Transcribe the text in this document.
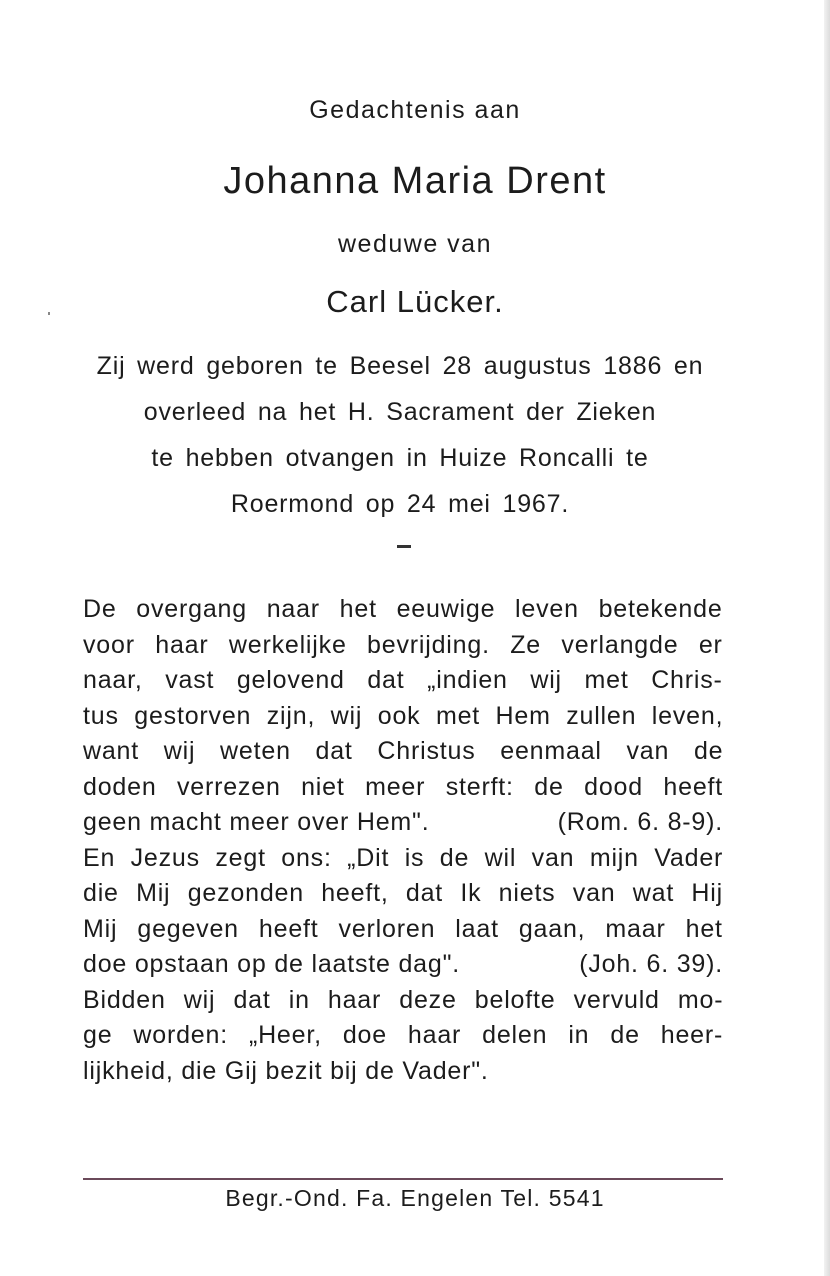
Gedachtenis aan
Johanna Maria Drent
weduwe van
Carl Lücker.
Zij werd geboren te Beesel 28 augustus 1886 en
overleed na het H. Sacrament der Zieken
te hebben otvangen in Huize Roncalli te
Roermond op 24 mei 1967.
De overgang naar het eeuwige leven betekende
voor haar werkelijke bevrijding. Ze verlangde er
naar, vast gelovend dat „indien wij met Chris-
tus gestorven zijn, wij ook met Hem zullen leven,
want wij weten dat Christus eenmaal van de
doden verrezen niet meer sterft: de dood heeft
geen macht meer over Hem".	(Rom. 6. 8-9).
En Jezus zegt ons: „Dit is de wil van mijn Vader
die Mij gezonden heeft, dat Ik niets van wat Hij
Mij gegeven heeft verloren laat gaan, maar het
doe opstaan op de laatste dag".	(Joh. 6. 39).
Bidden wij dat in haar deze belofte vervuld mo-
ge worden: „Heer, doe haar delen in de heer-
lijkheid, die Gij bezit bij de Vader".
Begr.-Ond. Fa. Engelen Tel. 5541
